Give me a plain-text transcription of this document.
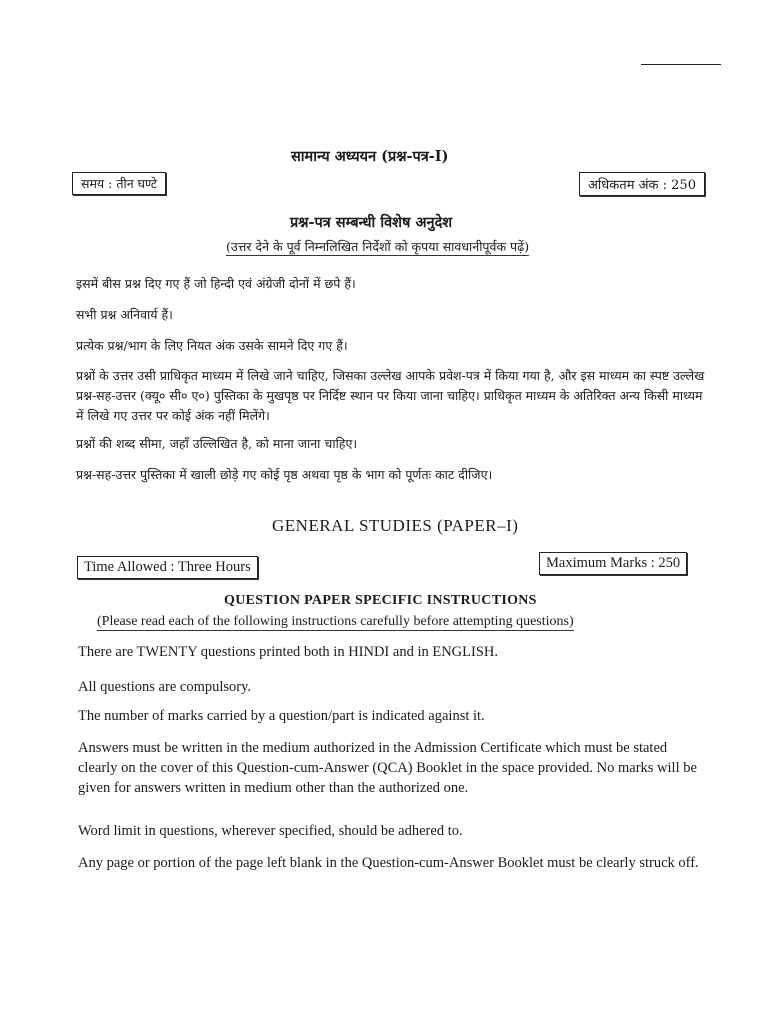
सामान्य अध्ययन (प्रश्न-पत्र-I)
समय : तीन घण्टे	अधिकतम अंक : 250
प्रश्न-पत्र सम्बन्धी विशेष अनुदेश
(उत्तर देने के पूर्व निम्नलिखित निर्देशों को कृपया सावधानीपूर्वक पढ़ें)
इसमें बीस प्रश्न दिए गए हैं जो हिन्दी एवं अंग्रेजी दोनों में छपे हैं।
सभी प्रश्न अनिवार्य हैं।
प्रत्येक प्रश्न/भाग के लिए नियत अंक उसके सामने दिए गए हैं।
प्रश्नों के उत्तर उसी प्राधिकृत माध्यम में लिखे जाने चाहिए, जिसका उल्लेख आपके प्रवेश-पत्र में किया गया है, और इस माध्यम का स्पष्ट उल्लेख प्रश्न-सह-उत्तर (क्यू० सी० ए०) पुस्तिका के मुखपृष्ठ पर निर्दिष्ट स्थान पर किया जाना चाहिए। प्राधिकृत माध्यम के अतिरिक्त अन्य किसी माध्यम में लिखे गए उत्तर पर कोई अंक नहीं मिलेंगे।
प्रश्नों की शब्द सीमा, जहाँ उल्लिखित है, को माना जाना चाहिए।
प्रश्न-सह-उत्तर पुस्तिका में खाली छोड़े गए कोई पृष्ठ अथवा पृष्ठ के भाग को पूर्णतः काट दीजिए।
GENERAL STUDIES (PAPER–I)
Time Allowed : Three Hours	Maximum Marks : 250
QUESTION PAPER SPECIFIC INSTRUCTIONS
(Please read each of the following instructions carefully before attempting questions)
There are TWENTY questions printed both in HINDI and in ENGLISH.
All questions are compulsory.
The number of marks carried by a question/part is indicated against it.
Answers must be written in the medium authorized in the Admission Certificate which must be stated clearly on the cover of this Question-cum-Answer (QCA) Booklet in the space provided. No marks will be given for answers written in medium other than the authorized one.
Word limit in questions, wherever specified, should be adhered to.
Any page or portion of the page left blank in the Question-cum-Answer Booklet must be clearly struck off.
